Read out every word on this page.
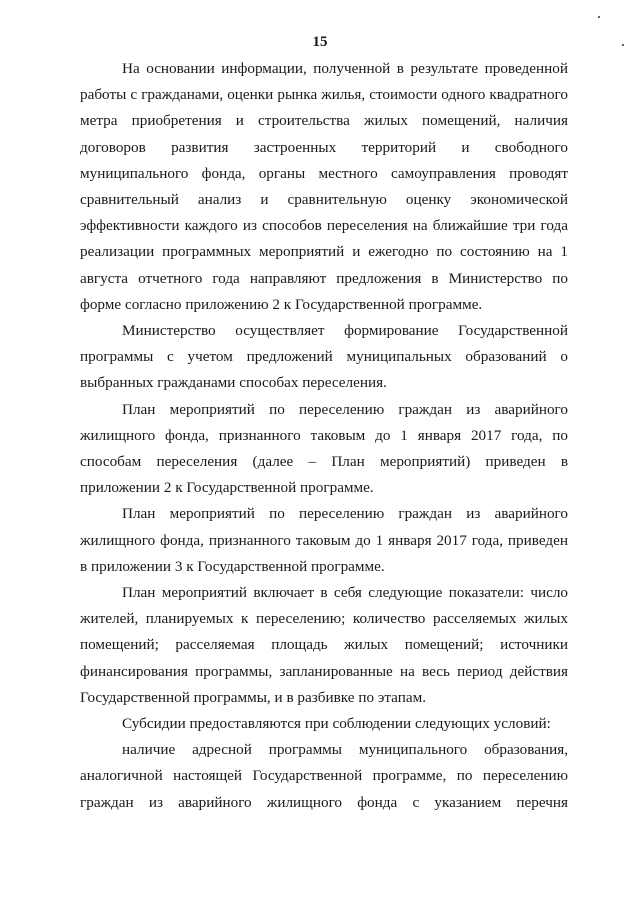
15

На основании информации, полученной в результате проведенной работы с гражданами, оценки рынка жилья, стоимости одного квадратного метра приобретения и строительства жилых помещений, наличия договоров развития застроенных территорий и свободного муниципального фонда, органы местного самоуправления проводят сравнительный анализ и сравнительную оценку экономической эффективности каждого из способов переселения на ближайшие три года реализации программных мероприятий и ежегодно по состоянию на 1 августа отчетного года направляют предложения в Министерство по форме согласно приложению 2 к Государственной программе.

Министерство осуществляет формирование Государственной программы с учетом предложений муниципальных образований о выбранных гражданами способах переселения.

План мероприятий по переселению граждан из аварийного жилищного фонда, признанного таковым до 1 января 2017 года, по способам переселения (далее – План мероприятий) приведен в приложении 2 к Государственной программе.

План мероприятий по переселению граждан из аварийного жилищного фонда, признанного таковым до 1 января 2017 года, приведен в приложении 3 к Государственной программе.

План мероприятий включает в себя следующие показатели: число жителей, планируемых к переселению; количество расселяемых жилых помещений; расселяемая площадь жилых помещений; источники финансирования программы, запланированные на весь период действия Государственной программы, и в разбивке по этапам.

Субсидии предоставляются при соблюдении следующих условий:

наличие адресной программы муниципального образования, аналогичной настоящей Государственной программе, по переселению граждан из аварийного жилищного фонда с указанием перечня
